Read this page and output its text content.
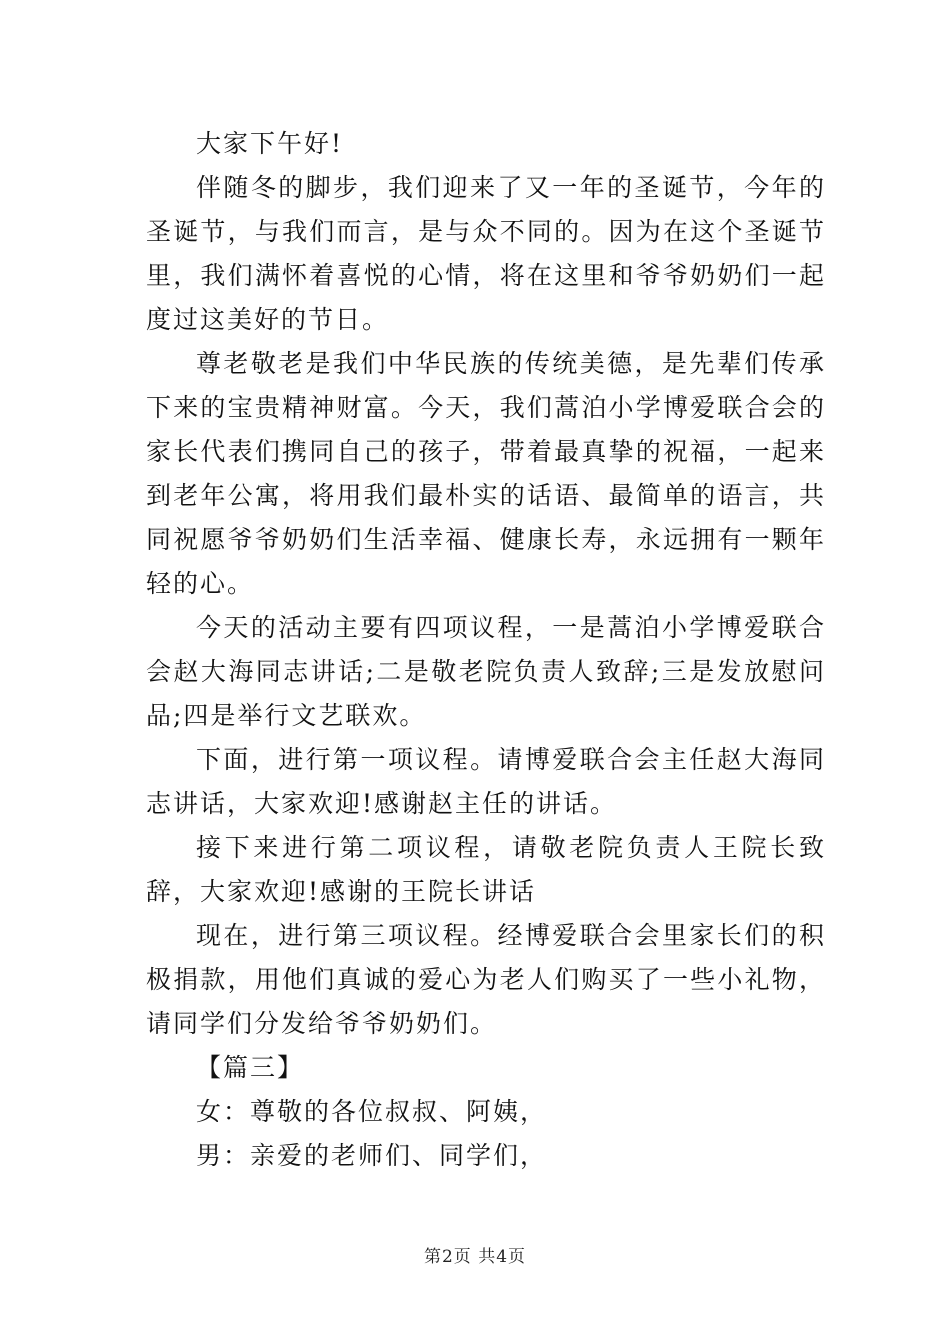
大家下午好!

伴随冬的脚步，我们迎来了又一年的圣诞节，今年的圣诞节，与我们而言，是与众不同的。因为在这个圣诞节里，我们满怀着喜悦的心情，将在这里和爷爷奶奶们一起度过这美好的节日。

尊老敬老是我们中华民族的传统美德，是先辈们传承下来的宝贵精神财富。今天，我们蒿泊小学博爱联合会的家长代表们携同自己的孩子，带着最真挚的祝福，一起来到老年公寓，将用我们最朴实的话语、最简单的语言，共同祝愿爷爷奶奶们生活幸福、健康长寿，永远拥有一颗年轻的心。

今天的活动主要有四项议程，一是蒿泊小学博爱联合会赵大海同志讲话;二是敬老院负责人致辞;三是发放慰问品;四是举行文艺联欢。

下面，进行第一项议程。请博爱联合会主任赵大海同志讲话，大家欢迎!感谢赵主任的讲话。

接下来进行第二项议程，请敬老院负责人王院长致辞，大家欢迎!感谢的王院长讲话

现在，进行第三项议程。经博爱联合会里家长们的积极捐款，用他们真诚的爱心为老人们购买了一些小礼物，请同学们分发给爷爷奶奶们。

【篇三】

女：尊敬的各位叔叔、阿姨，

男：亲爱的老师们、同学们，

第2页 共4页
